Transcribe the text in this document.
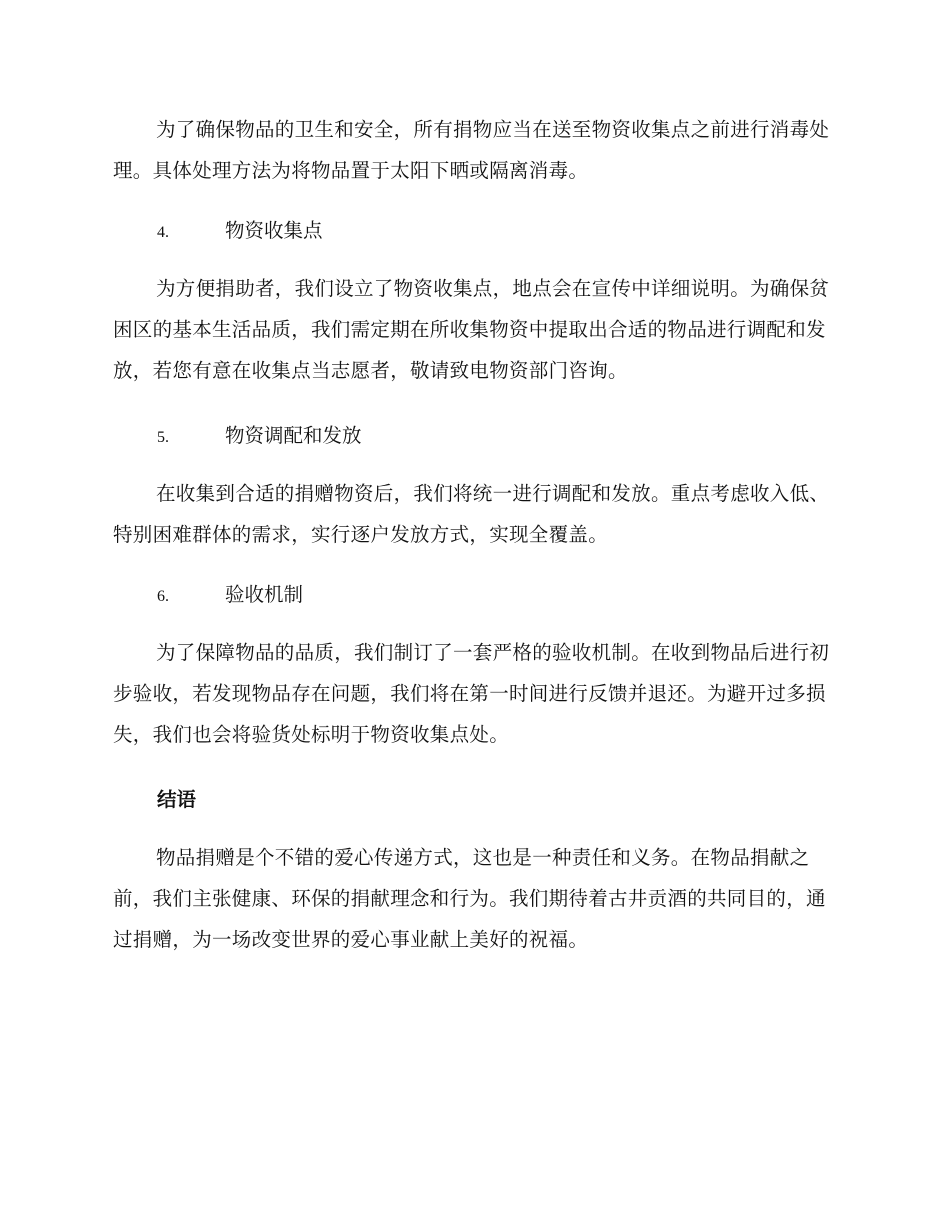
为了确保物品的卫生和安全，所有捐物应当在送至物资收集点之前进行消毒处理。具体处理方法为将物品置于太阳下晒或隔离消毒。

4.	物资收集点

为方便捐助者，我们设立了物资收集点，地点会在宣传中详细说明。为确保贫困区的基本生活品质，我们需定期在所收集物资中提取出合适的物品进行调配和发放，若您有意在收集点当志愿者，敬请致电物资部门咨询。

5.	物资调配和发放

在收集到合适的捐赠物资后，我们将统一进行调配和发放。重点考虑收入低、特别困难群体的需求，实行逐户发放方式，实现全覆盖。

6.	验收机制

为了保障物品的品质，我们制订了一套严格的验收机制。在收到物品后进行初步验收，若发现物品存在问题，我们将在第一时间进行反馈并退还。为避开过多损失，我们也会将验货处标明于物资收集点处。

结语

物品捐赠是个不错的爱心传递方式，这也是一种责任和义务。在物品捐献之前，我们主张健康、环保的捐献理念和行为。我们期待着古井贡酒的共同目的，通过捐赠，为一场改变世界的爱心事业献上美好的祝福。
